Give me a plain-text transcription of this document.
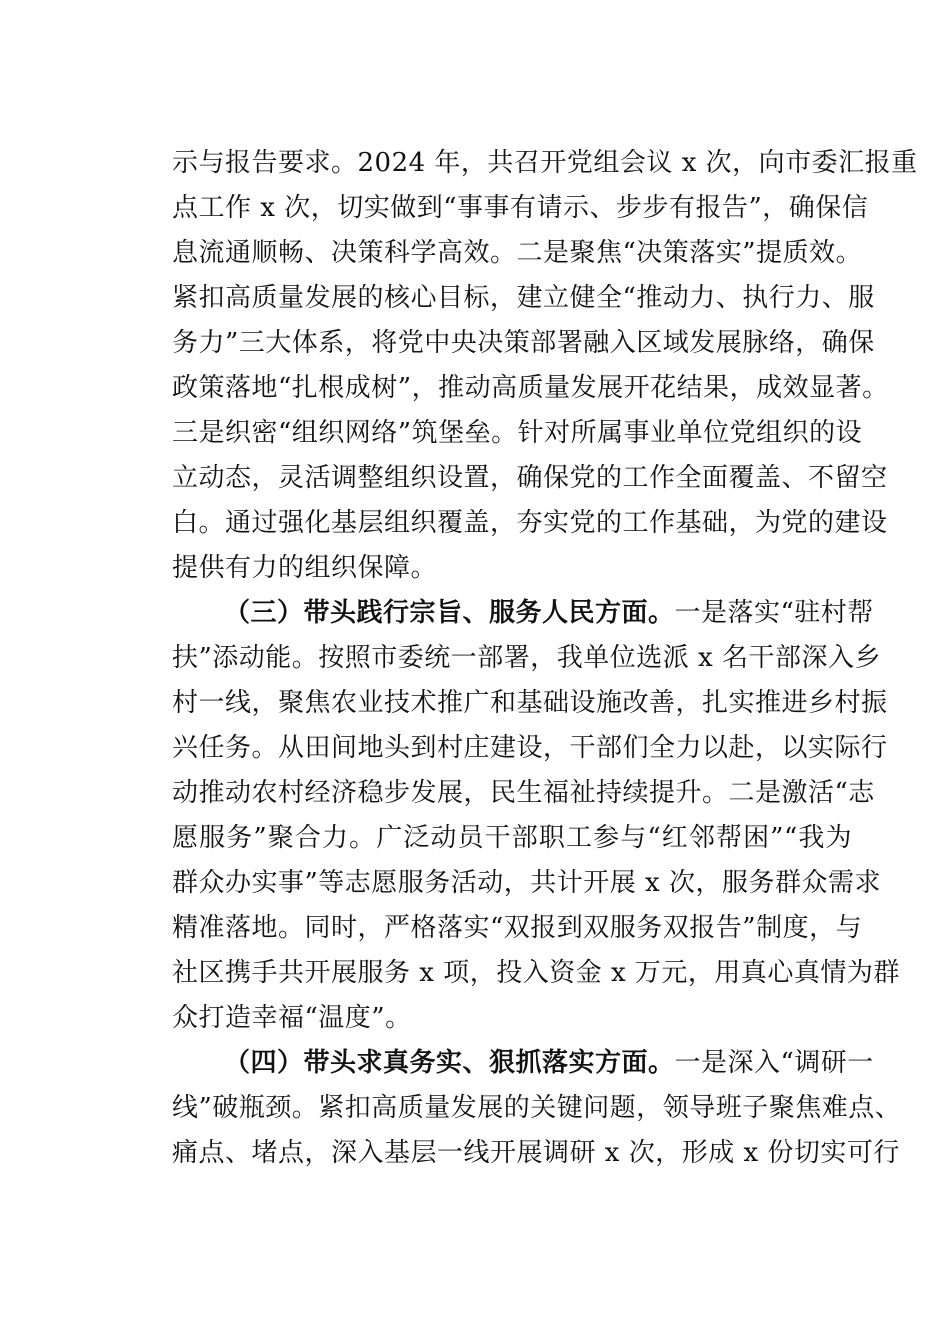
示与报告要求。2024 年，共召开党组会议 x 次，向市委汇报重
点工作 x 次，切实做到“事事有请示、步步有报告”，确保信
息流通顺畅、决策科学高效。二是聚焦“决策落实”提质效。
紧扣高质量发展的核心目标，建立健全“推动力、执行力、服
务力”三大体系，将党中央决策部署融入区域发展脉络，确保
政策落地“扎根成树”，推动高质量发展开花结果，成效显著。
三是织密“组织网络”筑堡垒。针对所属事业单位党组织的设
立动态，灵活调整组织设置，确保党的工作全面覆盖、不留空
白。通过强化基层组织覆盖，夯实党的工作基础，为党的建设
提供有力的组织保障。
（三）带头践行宗旨、服务人民方面。一是落实“驻村帮
扶”添动能。按照市委统一部署，我单位选派 x 名干部深入乡
村一线，聚焦农业技术推广和基础设施改善，扎实推进乡村振
兴任务。从田间地头到村庄建设，干部们全力以赴，以实际行
动推动农村经济稳步发展，民生福祉持续提升。二是激活“志
愿服务”聚合力。广泛动员干部职工参与“红邻帮困”“我为
群众办实事”等志愿服务活动，共计开展 x 次，服务群众需求
精准落地。同时，严格落实“双报到双服务双报告”制度，与
社区携手共开展服务 x 项，投入资金 x 万元，用真心真情为群
众打造幸福“温度”。
（四）带头求真务实、狠抓落实方面。一是深入“调研一
线”破瓶颈。紧扣高质量发展的关键问题，领导班子聚焦难点、
痛点、堵点，深入基层一线开展调研 x 次，形成 x 份切实可行
